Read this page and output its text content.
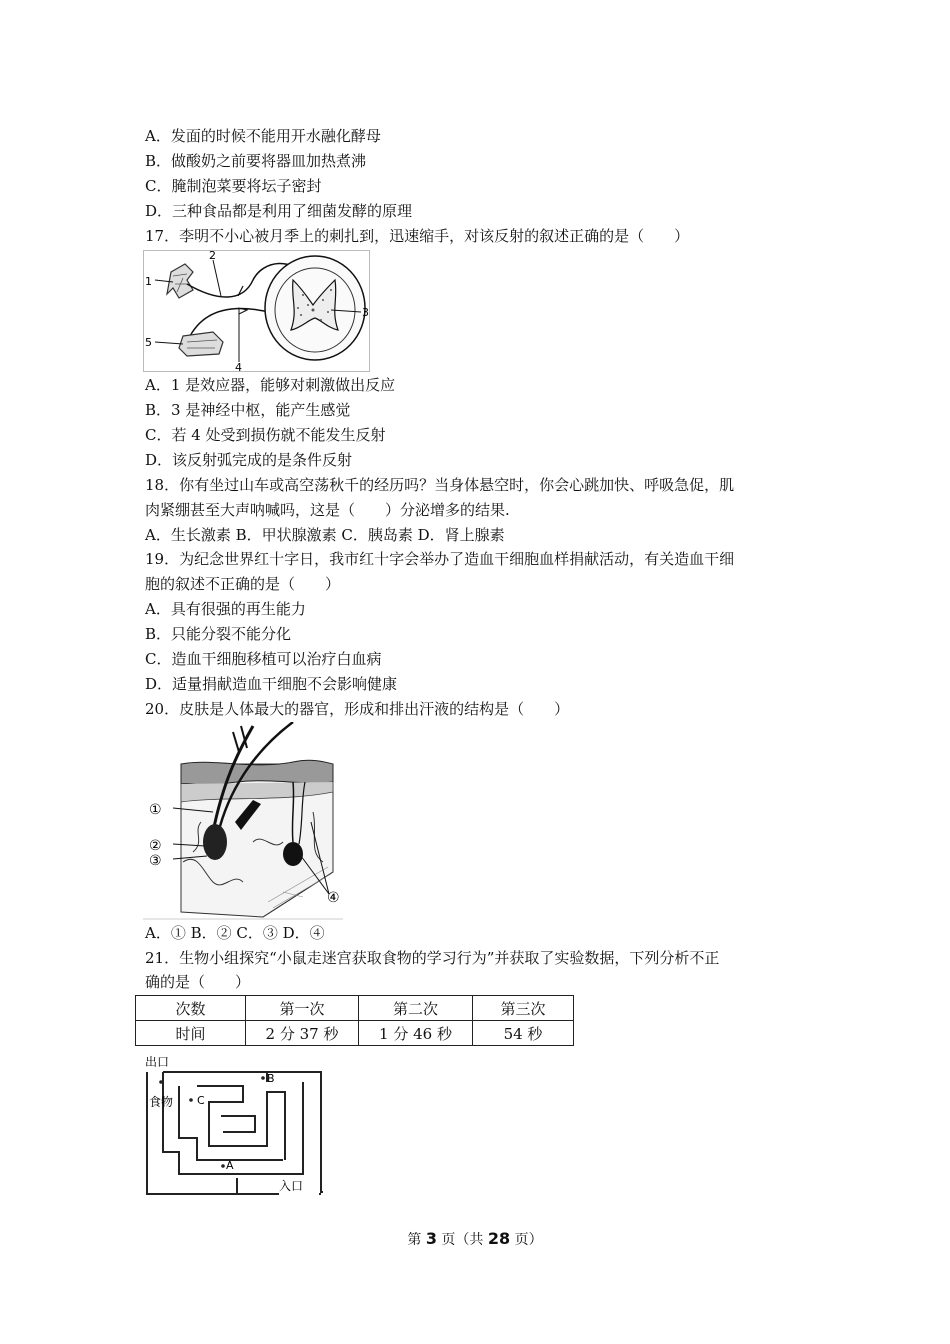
A．发面的时候不能用开水融化酵母
B．做酸奶之前要将器皿加热煮沸
C．腌制泡菜要将坛子密封
D．三种食品都是利用了细菌发酵的原理
17．李明不小心被月季上的刺扎到，迅速缩手，对该反射的叙述正确的是（　　）
1
2
3
4
5
A．1 是效应器，能够对刺激做出反应
B．3 是神经中枢，能产生感觉
C．若 4 处受到损伤就不能发生反射
D．该反射弧完成的是条件反射
18．你有坐过山车或高空荡秋千的经历吗？当身体悬空时，你会心跳加快、呼吸急促，肌
肉紧绷甚至大声呐喊吗，这是（　　）分泌增多的结果.
A．生长激素 B．甲状腺激素 C．胰岛素 D．肾上腺素
19．为纪念世界红十字日，我市红十字会举办了造血干细胞血样捐献活动，有关造血干细
胞的叙述不正确的是（　　）
A．具有很强的再生能力
B．只能分裂不能分化
C．造血干细胞移植可以治疗白血病
D．适量捐献造血干细胞不会影响健康
20．皮肤是人体最大的器官，形成和排出汗液的结构是（　　）
①
②
③
④
A．① B．② C．③ D．④
21．生物小组探究“小鼠走迷宫获取食物的学习行为”并获取了实验数据，下列分析不正
确的是（　　）
次数	第一次	第二次	第三次
时间	2 分 37 秒	1 分 46 秒	54 秒
出口
食物
入口
B
C
A
第 3 页（共 28 页）
